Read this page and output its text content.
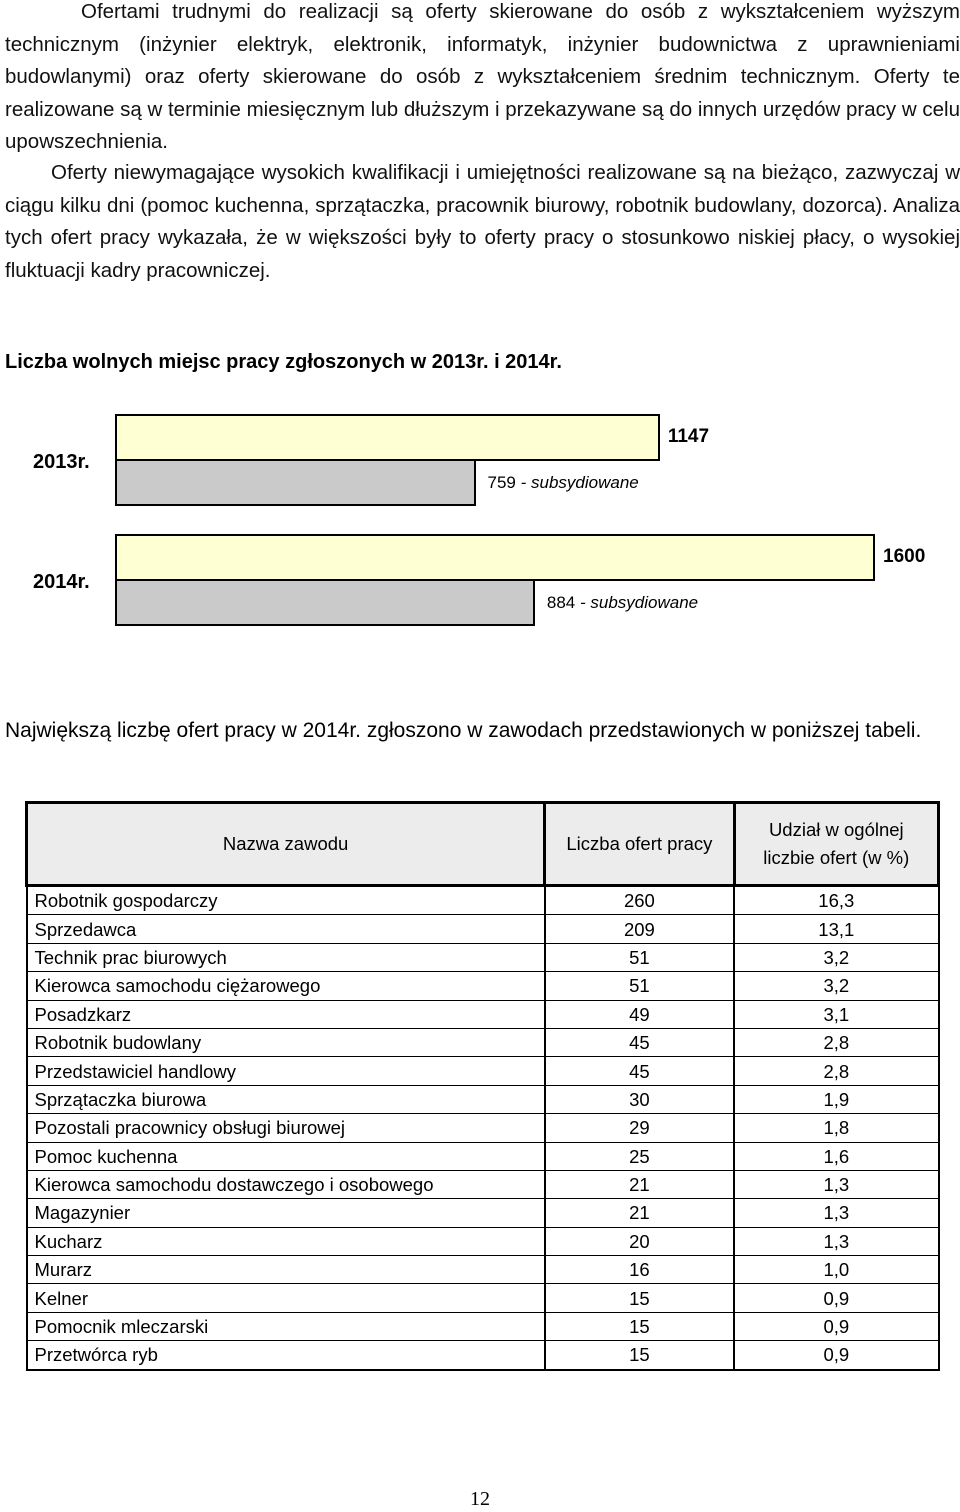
Ofertami trudnymi do realizacji są oferty skierowane do osób z wykształceniem wyższym technicznym (inżynier elektryk, elektronik, informatyk, inżynier budownictwa z uprawnieniami budowlanymi) oraz oferty skierowane do osób z wykształceniem średnim technicznym. Oferty te realizowane są w terminie miesięcznym lub dłuższym i przekazywane są do innych urzędów pracy w celu upowszechnienia.

Oferty niewymagające wysokich kwalifikacji i umiejętności realizowane są na bieżąco, zazwyczaj w ciągu kilku dni (pomoc kuchenna, sprzątaczka, pracownik biurowy, robotnik budowlany, dozorca). Analiza tych ofert pracy wykazała, że w większości były to oferty pracy o stosunkowo niskiej płacy, o wysokiej fluktuacji kadry pracowniczej.

Liczba wolnych miejsc pracy zgłoszonych w 2013r. i 2014r.

2013r.
1147
759 - subsydiowane
2014r.
1600
884 - subsydiowane

Największą liczbę ofert pracy w 2014r. zgłoszono w zawodach przedstawionych w poniższej tabeli.

Nazwa zawodu	Liczba ofert pracy	Udział w ogólnej liczbie ofert (w %)
Robotnik gospodarczy	260	16,3
Sprzedawca	209	13,1
Technik prac biurowych	51	3,2
Kierowca samochodu ciężarowego	51	3,2
Posadzkarz	49	3,1
Robotnik budowlany	45	2,8
Przedstawiciel handlowy	45	2,8
Sprzątaczka biurowa	30	1,9
Pozostali pracownicy obsługi biurowej	29	1,8
Pomoc kuchenna	25	1,6
Kierowca samochodu dostawczego i osobowego	21	1,3
Magazynier	21	1,3
Kucharz	20	1,3
Murarz	16	1,0
Kelner	15	0,9
Pomocnik mleczarski	15	0,9
Przetwórca ryb	15	0,9
12
